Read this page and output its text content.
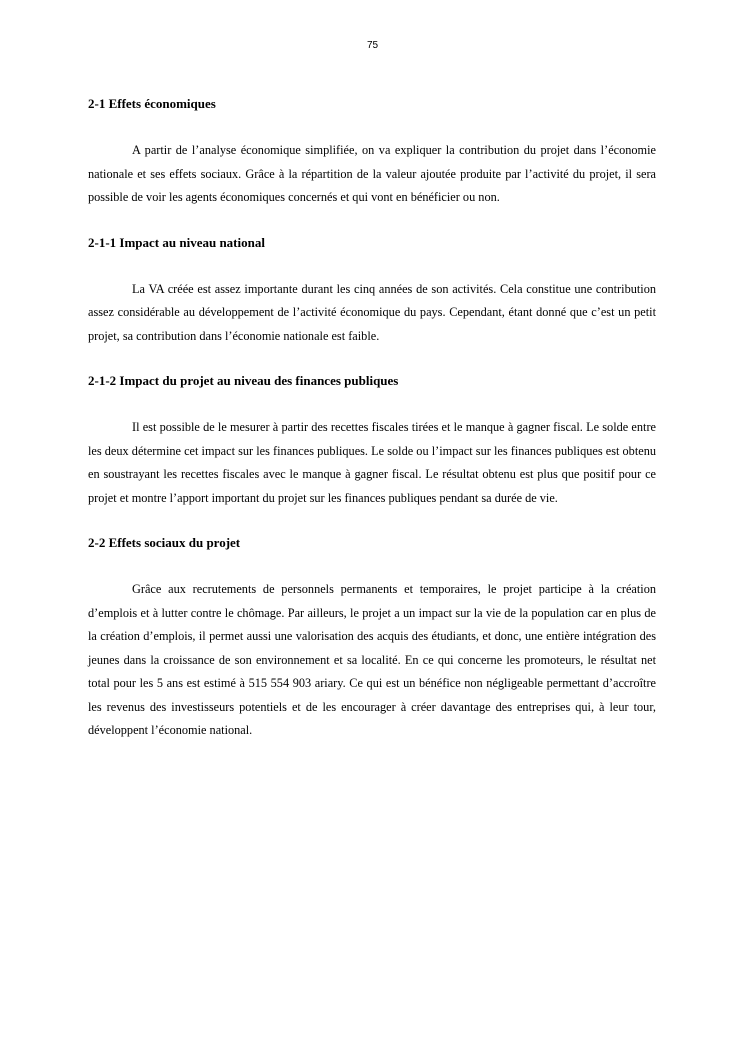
75
2-1 Effets économiques

A partir de l’analyse économique simplifiée, on va expliquer la contribution du projet dans l’économie nationale et ses effets sociaux. Grâce à la répartition de la valeur ajoutée produite par l’activité du projet, il sera possible de voir les agents économiques concernés et qui vont en bénéficier ou non.

2-1-1 Impact au niveau national

La VA créée est assez importante durant les cinq années de son activités. Cela constitue une contribution assez considérable au développement de l’activité économique du pays. Cependant, étant donné que c’est un petit projet, sa contribution dans l’économie nationale est faible.

2-1-2 Impact du projet au niveau des finances publiques

Il est possible de le mesurer à partir des recettes fiscales tirées et le manque à gagner fiscal. Le solde entre les deux détermine cet impact sur les finances publiques. Le solde ou l’impact sur les finances publiques est obtenu en soustrayant les recettes fiscales avec le manque à gagner fiscal. Le résultat obtenu est plus que positif pour ce projet et montre l’apport important du projet sur les finances publiques pendant sa durée de vie.

2-2 Effets sociaux du projet

Grâce aux recrutements de personnels permanents et temporaires, le projet participe à la création d’emplois et à lutter contre le chômage. Par ailleurs, le projet a un impact sur la vie de la population car en plus de la création d’emplois, il permet aussi une valorisation des acquis des étudiants, et donc, une entière intégration des jeunes dans la croissance de son environnement et sa localité. En ce qui concerne les promoteurs, le résultat net total pour les 5 ans est estimé à 515 554 903 ariary. Ce qui est un bénéfice non négligeable permettant d’accroître les revenus des investisseurs potentiels et de les encourager à créer davantage des entreprises qui, à leur tour, développent l’économie national.
